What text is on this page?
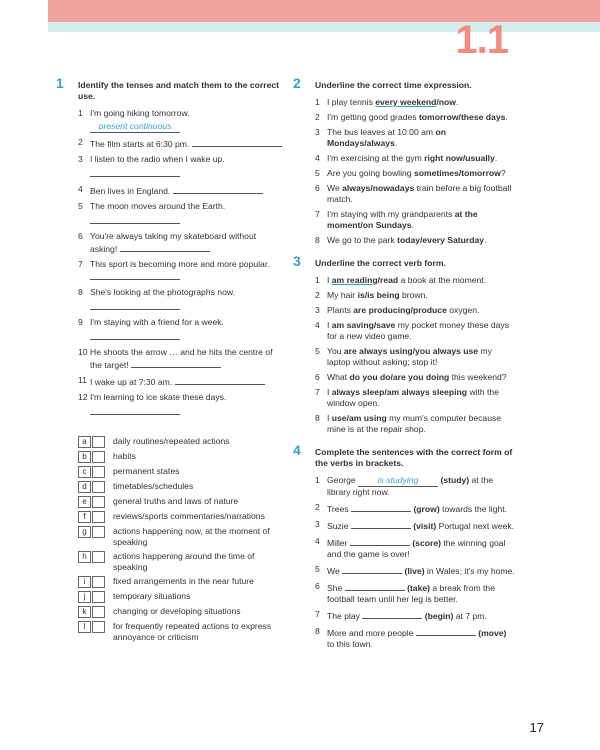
1.1
1 Identify the tenses and match them to the correct use.
1 I'm going hiking tomorrow.
present continuous
2 The film starts at 6:30 pm.
3 I listen to the radio when I wake up.
4 Ben lives in England.
5 The moon moves around the Earth.
6 You're always taking my skateboard without asking!
7 This sport is becoming more and more popular.
8 She's looking at the photographs now.
9 I'm staying with a friend for a week.
10 He shoots the arrow … and he hits the centre of the target!
11 I wake up at 7:30 am.
12 I'm learning to ice skate these days.
a	daily routines/repeated actions
b	habits
c	permanent states
d	timetables/schedules
e	general truths and laws of nature
f	reviews/sports commentaries/narrations
g	actions happening now, at the moment of speaking
h	actions happening around the time of speaking
i	fixed arrangements in the near future
j	temporary situations
k	changing or developing situations
l	for frequently repeated actions to express annoyance or criticism
2 Underline the correct time expression.
1 I play tennis every weekend/now.
2 I'm getting good grades tomorrow/these days.
3 The bus leaves at 10:00 am on Mondays/always.
4 I'm exercising at the gym right now/usually.
5 Are you going bowling sometimes/tomorrow?
6 We always/nowadays train before a big football match.
7 I'm staying with my grandparents at the moment/on Sundays.
8 We go to the park today/every Saturday.
3 Underline the correct verb form.
1 I am reading/read a book at the moment.
2 My hair is/is being brown.
3 Plants are producing/produce oxygen.
4 I am saving/save my pocket money these days for a new video game.
5 You are always using/you always use my laptop without asking; stop it!
6 What do you do/are you doing this weekend?
7 I always sleep/am always sleeping with the window open.
8 I use/am using my mum's computer because mine is at the repair shop.
4 Complete the sentences with the correct form of the verbs in brackets.
1 George is studying	(study) at the library right now.
2 Trees	(grow) towards the light.
3 Suzie	(visit) Portugal next week.
4 Miller	(score) the winning goal and the game is over!
5 We	(live) in Wales; it's my home.
6 She	(take) a break from the football team until her leg is better.
7 The play	(begin) at 7 pm.
8 More and more people	(move) to this town.
17
